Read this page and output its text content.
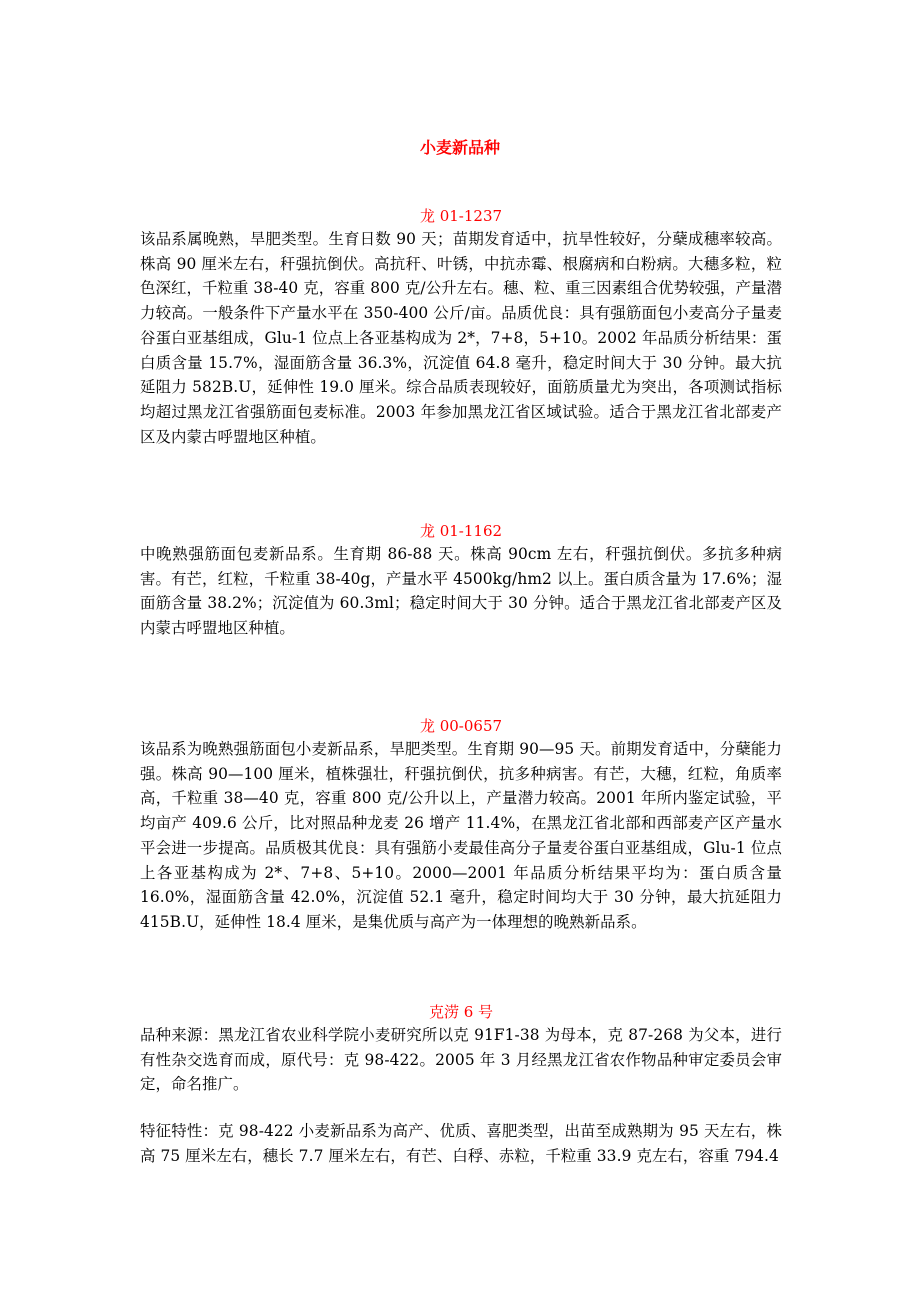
小麦新品种

龙 01-1237

该品系属晚熟，旱肥类型。生育日数 90 天；苗期发育适中，抗旱性较好，分蘖成穗率较高。株高 90 厘米左右，秆强抗倒伏。高抗秆、叶锈，中抗赤霉、根腐病和白粉病。大穗多粒，粒色深红，千粒重 38-40 克，容重 800 克/公升左右。穗、粒、重三因素组合优势较强，产量潜力较高。一般条件下产量水平在 350-400 公斤/亩。品质优良：具有强筋面包小麦高分子量麦谷蛋白亚基组成，Glu-1 位点上各亚基构成为 2*，7+8，5+10。2002 年品质分析结果：蛋白质含量 15.7%，湿面筋含量 36.3%，沉淀值 64.8 毫升，稳定时间大于 30 分钟。最大抗延阻力 582B.U，延伸性 19.0 厘米。综合品质表现较好，面筋质量尤为突出，各项测试指标均超过黑龙江省强筋面包麦标准。2003 年参加黑龙江省区域试验。适合于黑龙江省北部麦产区及内蒙古呼盟地区种植。

龙 01-1162

中晚熟强筋面包麦新品系。生育期 86-88 天。株高 90cm 左右，秆强抗倒伏。多抗多种病害。有芒，红粒，千粒重 38-40g，产量水平 4500kg/hm2 以上。蛋白质含量为 17.6%；湿面筋含量 38.2%；沉淀值为 60.3ml；稳定时间大于 30 分钟。适合于黑龙江省北部麦产区及内蒙古呼盟地区种植。

龙 00-0657

该品系为晚熟强筋面包小麦新品系，旱肥类型。生育期 90—95 天。前期发育适中，分蘖能力强。株高 90—100 厘米，植株强壮，秆强抗倒伏，抗多种病害。有芒，大穗，红粒，角质率高，千粒重 38—40 克，容重 800 克/公升以上，产量潜力较高。2001 年所内鉴定试验，平均亩产 409.6 公斤，比对照品种龙麦 26 增产 11.4%，在黑龙江省北部和西部麦产区产量水平会进一步提高。品质极其优良：具有强筋小麦最佳高分子量麦谷蛋白亚基组成，Glu-1 位点上各亚基构成为 2*、7+8、5+10。2000—2001 年品质分析结果平均为：蛋白质含量 16.0%，湿面筋含量 42.0%，沉淀值 52.1 毫升，稳定时间均大于 30 分钟，最大抗延阻力 415B.U，延伸性 18.4 厘米，是集优质与高产为一体理想的晚熟新品系。

克涝 6 号

品种来源：黑龙江省农业科学院小麦研究所以克 91F1-38 为母本，克 87-268 为父本，进行有性杂交选育而成，原代号：克 98-422。2005 年 3 月经黑龙江省农作物品种审定委员会审定，命名推广。

特征特性：克 98-422 小麦新品系为高产、优质、喜肥类型，出苗至成熟期为 95 天左右，株高 75 厘米左右，穗长 7.7 厘米左右，有芒、白稃、赤粒，千粒重 33.9 克左右，容重 794.4
